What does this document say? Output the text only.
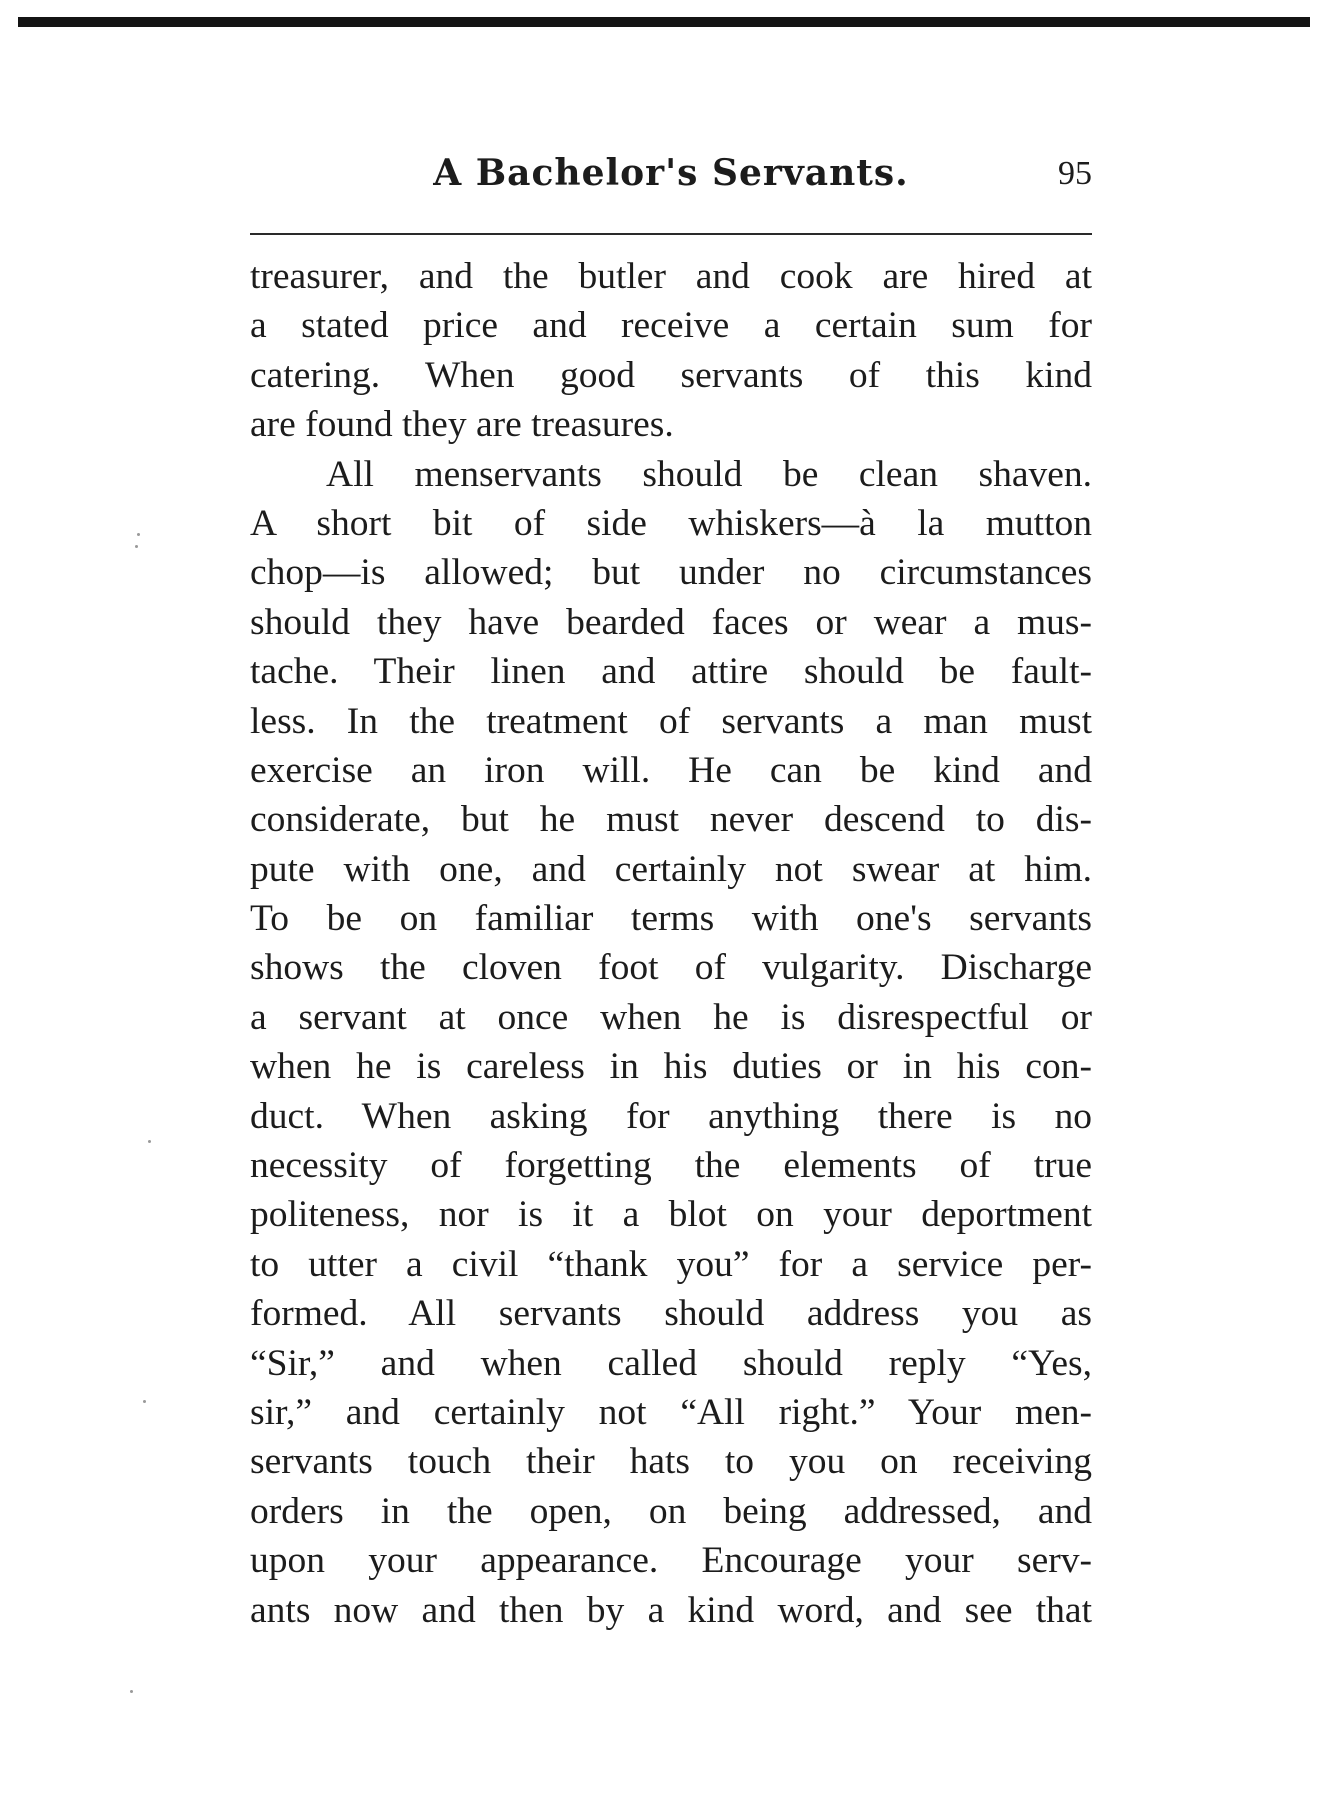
A Bachelor's Servants.	95
treasurer, and the butler and cook are hired at
a stated price and receive a certain sum for
catering. When good servants of this kind
are found they are treasures.
All menservants should be clean shaven.
A short bit of side whiskers—à la mutton
chop—is allowed; but under no circumstances
should they have bearded faces or wear a mus-
tache. Their linen and attire should be fault-
less. In the treatment of servants a man must
exercise an iron will. He can be kind and
considerate, but he must never descend to dis-
pute with one, and certainly not swear at him.
To be on familiar terms with one's servants
shows the cloven foot of vulgarity. Discharge
a servant at once when he is disrespectful or
when he is careless in his duties or in his con-
duct. When asking for anything there is no
necessity of forgetting the elements of true
politeness, nor is it a blot on your deportment
to utter a civil “thank you” for a service per-
formed. All servants should address you as
“Sir,” and when called should reply “Yes,
sir,” and certainly not “All right.” Your men-
servants touch their hats to you on receiving
orders in the open, on being addressed, and
upon your appearance. Encourage your serv-
ants now and then by a kind word, and see that
